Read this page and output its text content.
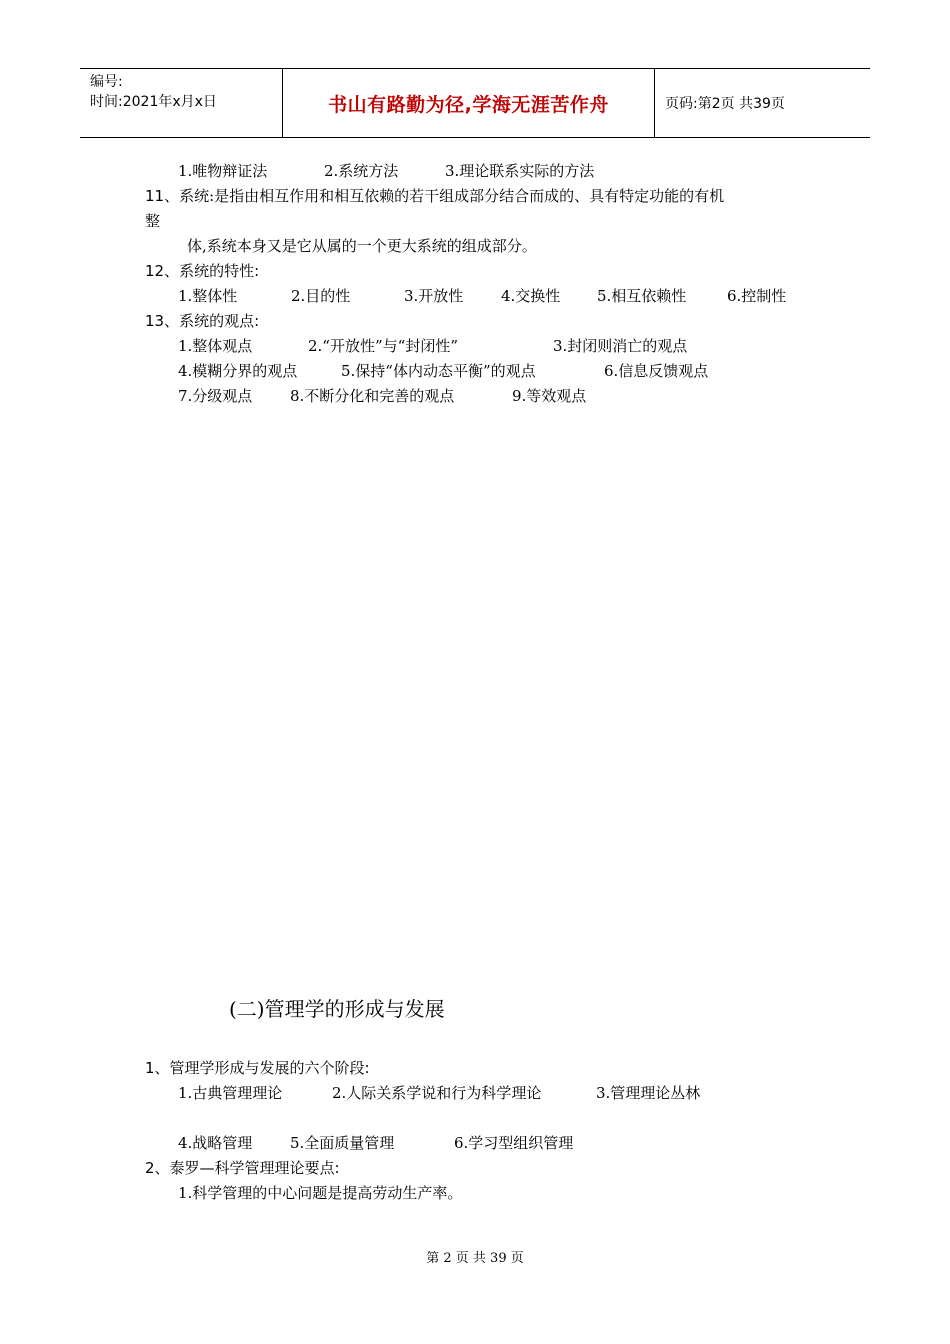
编号:
时间:2021年x月x日	书山有路勤为径,学海无涯苦作舟	页码:第2页 共39页
1.唯物辩证法	2.系统方法	3.理论联系实际的方法
11、系统:是指由相互作用和相互依赖的若干组成部分结合而成的、具有特定功能的有机
整
体,系统本身又是它从属的一个更大系统的组成部分。
12、系统的特性:
1.整体性	2.目的性	3.开放性	4.交换性 5.相互依赖性	6.控制性
13、系统的观点:
1.整体观点	2.“开放性”与“封闭性”	3.封闭则消亡的观点
4.模糊分界的观点	5.保持“体内动态平衡”的观点	6.信息反馈观点
7.分级观点	8.不断分化和完善的观点	9.等效观点
(二)管理学的形成与发展
1、管理学形成与发展的六个阶段:
1.古典管理理论	2.人际关系学说和行为科学理论	3.管理理论丛林
4.战略管理	5.全面质量管理	6.学习型组织管理
2、泰罗—科学管理理论要点:
1.科学管理的中心问题是提高劳动生产率。
第 2 页 共 39 页
